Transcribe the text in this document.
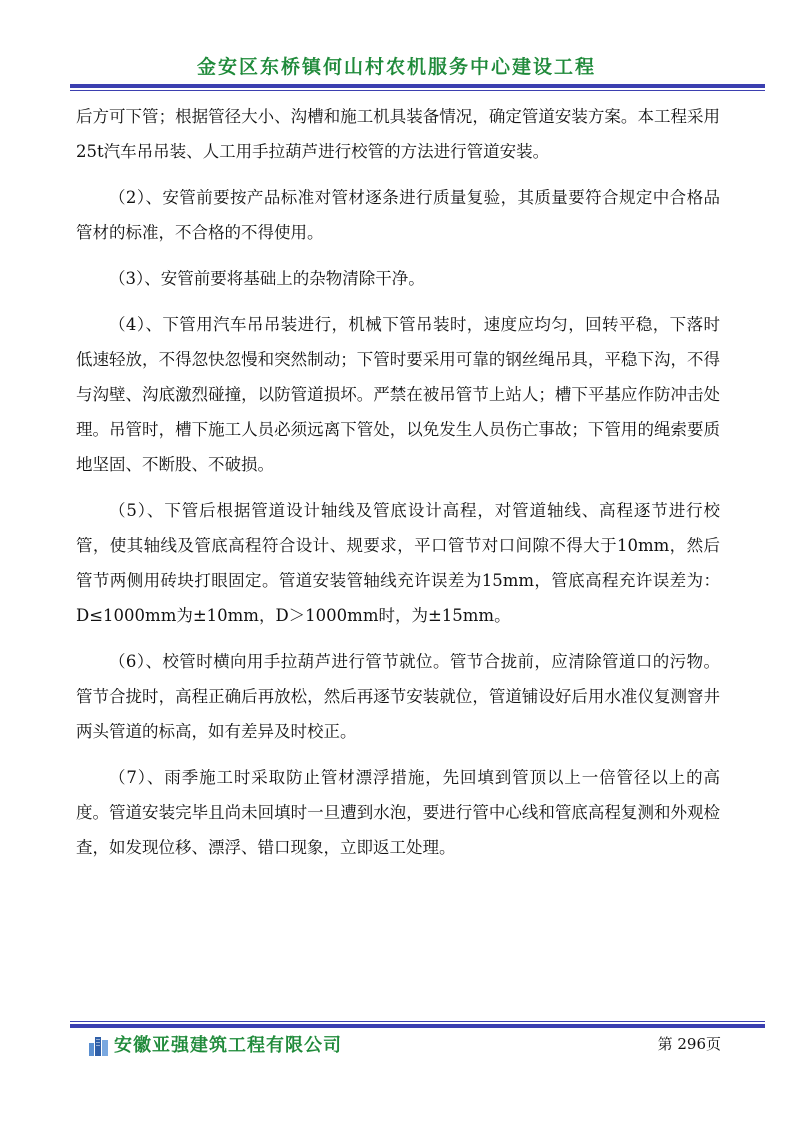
金安区东桥镇何山村农机服务中心建设工程

后方可下管；根据管径大小、沟槽和施工机具装备情况，确定管道安装方案。本工程采用25t汽车吊吊装、人工用手拉葫芦进行校管的方法进行管道安装。

（2）、安管前要按产品标准对管材逐条进行质量复验，其质量要符合规定中合格品管材的标准，不合格的不得使用。

（3）、安管前要将基础上的杂物清除干净。

（4）、下管用汽车吊吊装进行，机械下管吊装时，速度应均匀，回转平稳，下落时低速轻放，不得忽快忽慢和突然制动；下管时要采用可靠的钢丝绳吊具，平稳下沟，不得与沟壁、沟底激烈碰撞，以防管道损坏。严禁在被吊管节上站人；槽下平基应作防冲击处理。吊管时，槽下施工人员必须远离下管处，以免发生人员伤亡事故；下管用的绳索要质地坚固、不断股、不破损。

（5）、下管后根据管道设计轴线及管底设计高程，对管道轴线、高程逐节进行校管，使其轴线及管底高程符合设计、规要求，平口管节对口间隙不得大于10mm，然后管节两侧用砖块打眼固定。管道安装管轴线充许误差为15mm，管底高程充许误差为：D≤1000mm为±10mm，D＞1000mm时，为±15mm。

（6）、校管时横向用手拉葫芦进行管节就位。管节合拢前，应清除管道口的污物。管节合拢时，高程正确后再放松，然后再逐节安装就位，管道铺设好后用水准仪复测窨井两头管道的标高，如有差异及时校正。

（7）、雨季施工时采取防止管材漂浮措施，先回填到管顶以上一倍管径以上的高度。管道安装完毕且尚未回填时一旦遭到水泡，要进行管中心线和管底高程复测和外观检查，如发现位移、漂浮、错口现象，立即返工处理。

安徽亚强建筑工程有限公司	第 296页
